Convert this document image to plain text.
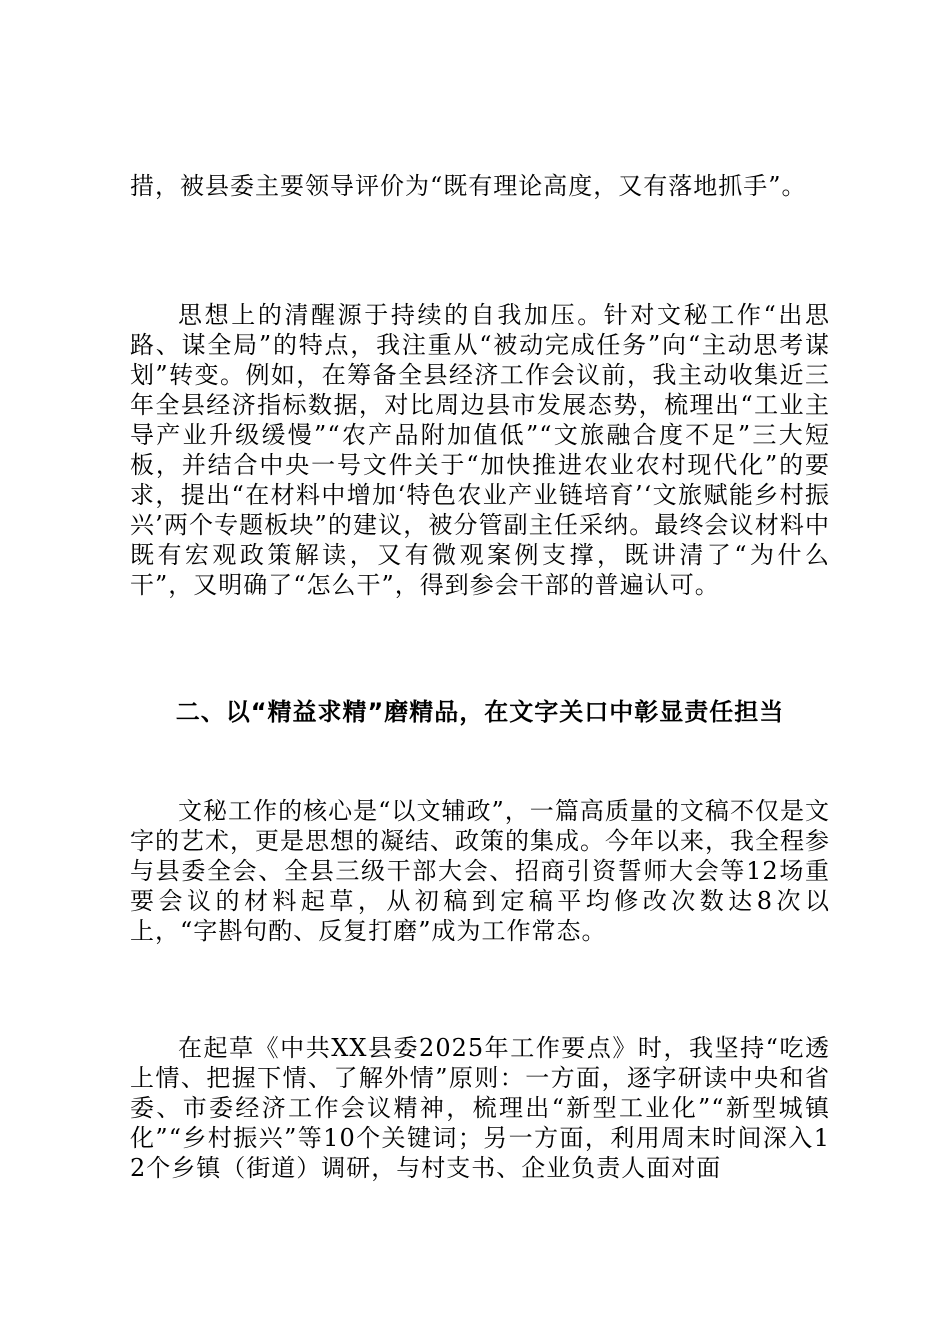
措，被县委主要领导评价为“既有理论高度，又有落地抓手”。

思想上的清醒源于持续的自我加压。针对文秘工作“出思路、谋全局”的特点，我注重从“被动完成任务”向“主动思考谋划”转变。例如，在筹备全县经济工作会议前，我主动收集近三年全县经济指标数据，对比周边县市发展态势，梳理出“工业主导产业升级缓慢”“农产品附加值低”“文旅融合度不足”三大短板，并结合中央一号文件关于“加快推进农业农村现代化”的要求，提出“在材料中增加‘特色农业产业链培育’‘文旅赋能乡村振兴’两个专题板块”的建议，被分管副主任采纳。最终会议材料中既有宏观政策解读，又有微观案例支撑，既讲清了“为什么干”，又明确了“怎么干”，得到参会干部的普遍认可。

二、以“精益求精”磨精品，在文字关口中彰显责任担当

文秘工作的核心是“以文辅政”，一篇高质量的文稿不仅是文字的艺术，更是思想的凝结、政策的集成。今年以来，我全程参与县委全会、全县三级干部大会、招商引资誓师大会等12场重要会议的材料起草，从初稿到定稿平均修改次数达8次以上，“字斟句酌、反复打磨”成为工作常态。

在起草《中共XX县委2025年工作要点》时，我坚持“吃透上情、把握下情、了解外情”原则：一方面，逐字研读中央和省委、市委经济工作会议精神，梳理出“新型工业化”“新型城镇化”“乡村振兴”等10个关键词；另一方面，利用周末时间深入12个乡镇（街道）调研，与村支书、企业负责人面对面
